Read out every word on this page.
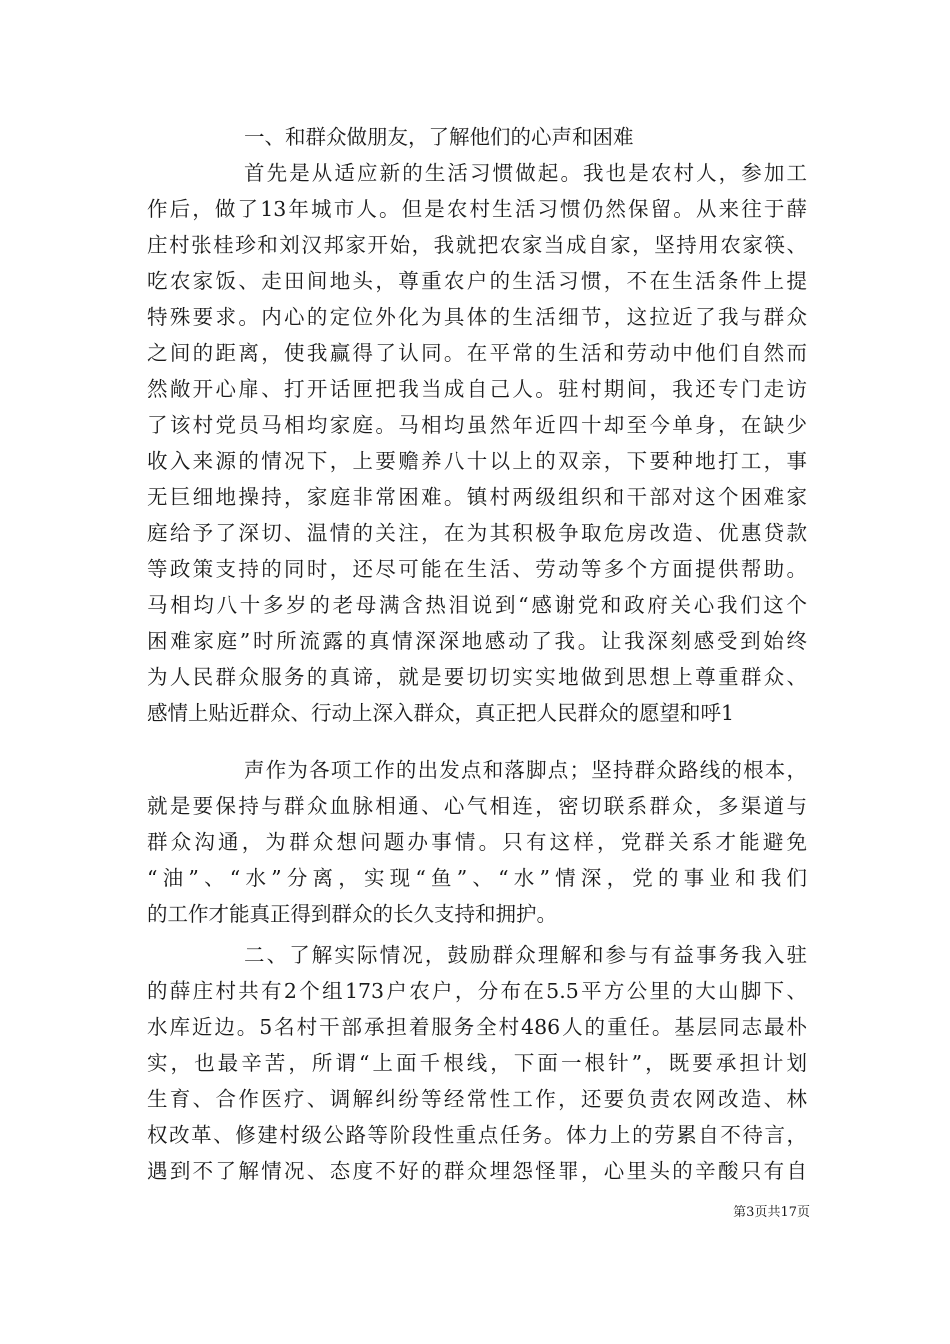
一、和群众做朋友，了解他们的心声和困难
首先是从适应新的生活习惯做起。我也是农村人，参加工
作后，做了13年城市人。但是农村生活习惯仍然保留。从来往于薛
庄村张桂珍和刘汉邦家开始，我就把农家当成自家，坚持用农家筷、
吃农家饭、走田间地头，尊重农户的生活习惯，不在生活条件上提
特殊要求。内心的定位外化为具体的生活细节，这拉近了我与群众
之间的距离，使我赢得了认同。在平常的生活和劳动中他们自然而
然敞开心扉、打开话匣把我当成自己人。驻村期间，我还专门走访
了该村党员马相均家庭。马相均虽然年近四十却至今单身，在缺少
收入来源的情况下，上要赡养八十以上的双亲，下要种地打工，事
无巨细地操持，家庭非常困难。镇村两级组织和干部对这个困难家
庭给予了深切、温情的关注，在为其积极争取危房改造、优惠贷款
等政策支持的同时，还尽可能在生活、劳动等多个方面提供帮助。
马相均八十多岁的老母满含热泪说到“感谢党和政府关心我们这个
困难家庭”时所流露的真情深深地感动了我。让我深刻感受到始终
为人民群众服务的真谛，就是要切切实实地做到思想上尊重群众、
感情上贴近群众、行动上深入群众，真正把人民群众的愿望和呼1
声作为各项工作的出发点和落脚点；坚持群众路线的根本，
就是要保持与群众血脉相通、心气相连，密切联系群众，多渠道与
群众沟通，为群众想问题办事情。只有这样，党群关系才能避免
“油”、“水”分离，实现“鱼”、“水”情深，党的事业和我们
的工作才能真正得到群众的长久支持和拥护。
二、了解实际情况，鼓励群众理解和参与有益事务我入驻
的薛庄村共有2个组173户农户，分布在5.5平方公里的大山脚下、
水库近边。5名村干部承担着服务全村486人的重任。基层同志最朴
实，也最辛苦，所谓“上面千根线，下面一根针”，既要承担计划
生育、合作医疗、调解纠纷等经常性工作，还要负责农网改造、林
权改革、修建村级公路等阶段性重点任务。体力上的劳累自不待言，
遇到不了解情况、态度不好的群众埋怨怪罪，心里头的辛酸只有自
第3页共17页
